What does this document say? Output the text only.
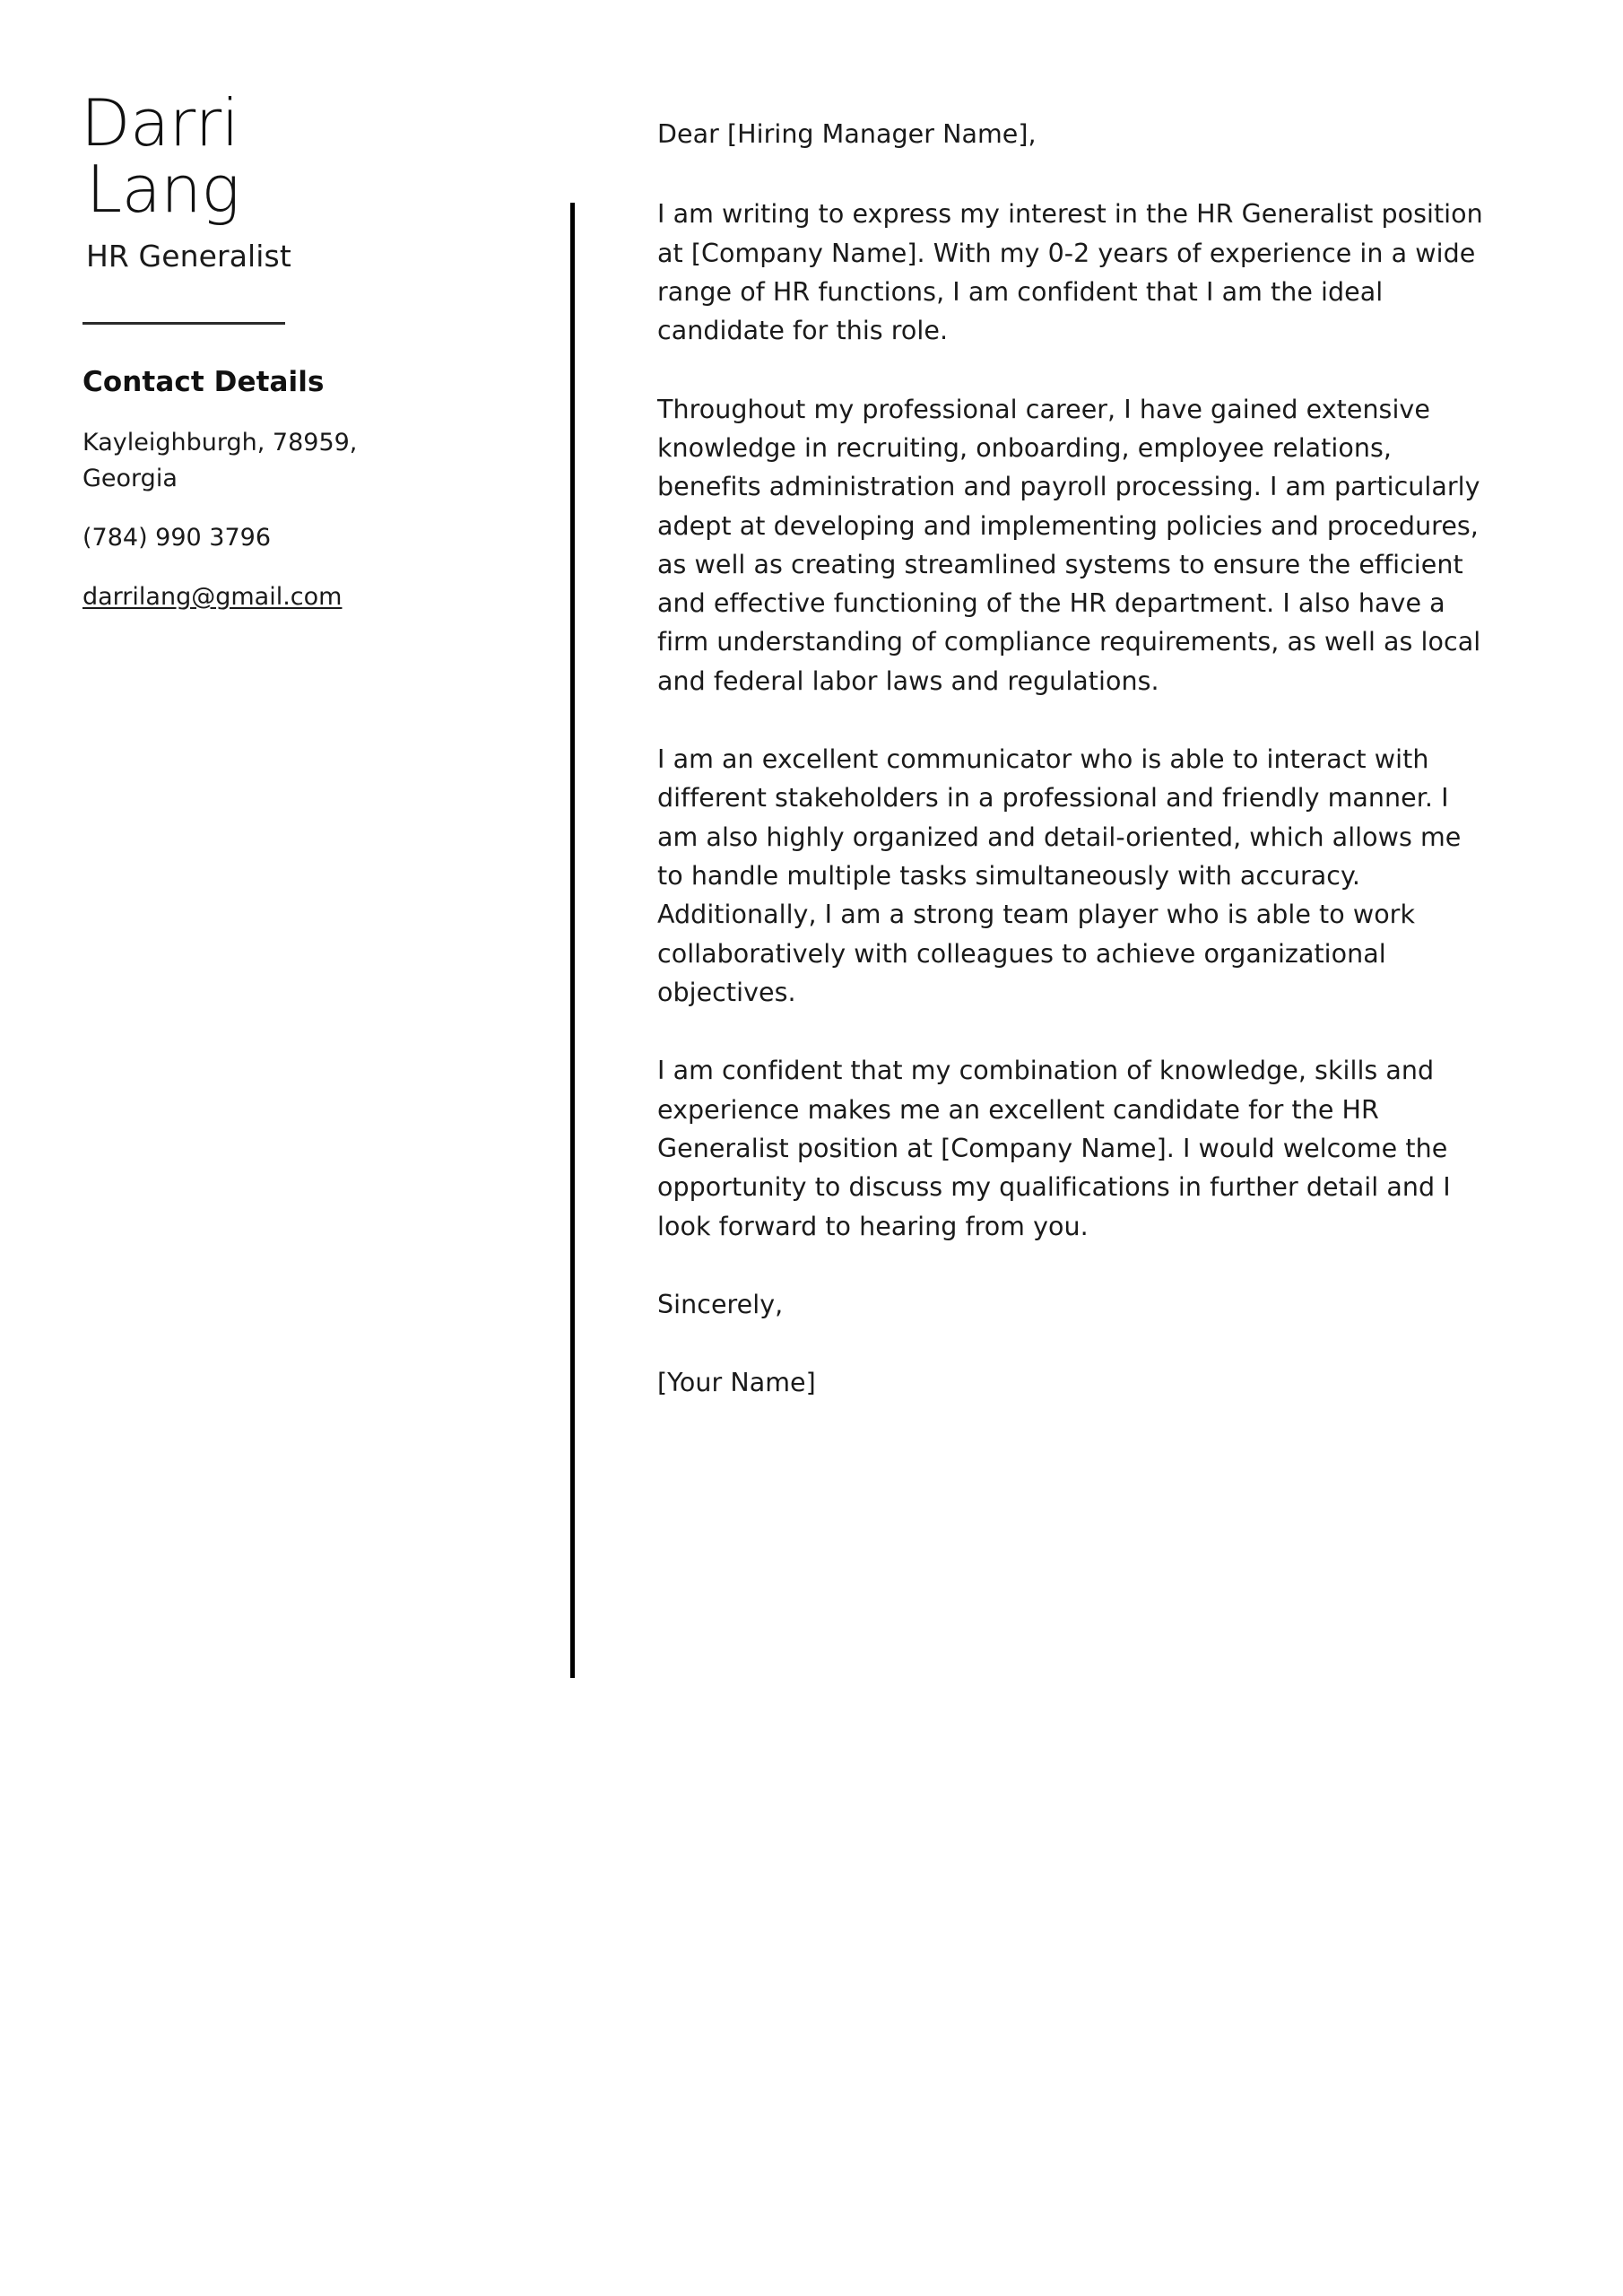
Darri
Lang
HR Generalist
Contact Details
Kayleighburgh, 78959, Georgia
(784) 990 3796
darrilang@gmail.com

Dear [Hiring Manager Name],

I am writing to express my interest in the HR Generalist position at [Company Name]. With my 0-2 years of experience in a wide range of HR functions, I am confident that I am the ideal candidate for this role.

Throughout my professional career, I have gained extensive knowledge in recruiting, onboarding, employee relations, benefits administration and payroll processing. I am particularly adept at developing and implementing policies and procedures, as well as creating streamlined systems to ensure the efficient and effective functioning of the HR department. I also have a firm understanding of compliance requirements, as well as local and federal labor laws and regulations.

I am an excellent communicator who is able to interact with different stakeholders in a professional and friendly manner. I am also highly organized and detail-oriented, which allows me to handle multiple tasks simultaneously with accuracy. Additionally, I am a strong team player who is able to work collaboratively with colleagues to achieve organizational objectives.

I am confident that my combination of knowledge, skills and experience makes me an excellent candidate for the HR Generalist position at [Company Name]. I would welcome the opportunity to discuss my qualifications in further detail and I look forward to hearing from you.

Sincerely,

[Your Name]
